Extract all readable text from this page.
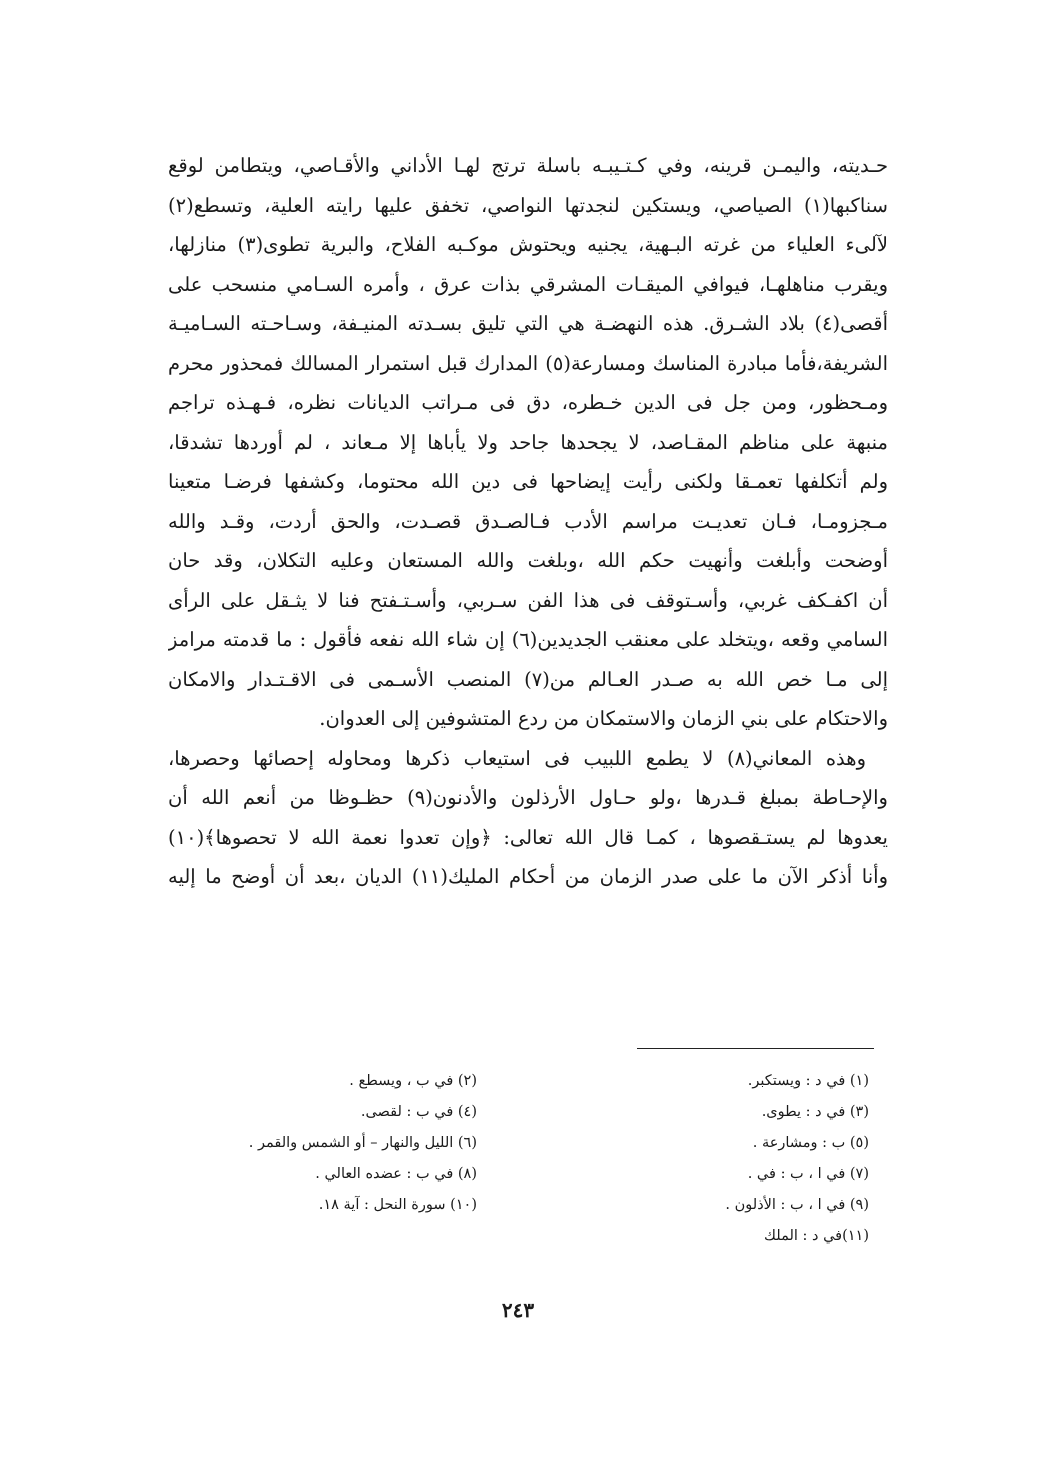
حـديته، واليمـن قرينه، وفي كـتـيبـه باسلة ترتج لهـا الأداني والأقـاصي، ويتطامن لوقع
سناكبها(١) الصياصي، ويستكين لنجدتها النواصي، تخفق عليها رايته العلية، وتسطع(٢)
لآلىء العلياء من غرته البـهية، يجنيه ويحتوش موكـبه الفلاح، والبرية تطوى(٣) منازلها،
ويقرب مناهلهـا، فيوافي الميقـات المشرقي بذات عرق ، وأمره السـامي منسحب على
أقصى(٤) بلاد الشـرق. هذه النهضـة هي التي تليق بسـدته المنيـفة، وسـاحـته السـاميـة
الشريفة،فأما مبادرة المناسك ومسارعة(٥) المدارك قبل استمرار المسالك فمحذور محرم
ومـحظور، ومن جل فى الدين خـطره، دق فى مـراتب الديانات نظره، فـهـذه تراجم
منبهة على مناظم المقـاصد، لا يجحدها جاحد ولا يأباها إلا مـعاند ، لم أوردها تشدقا،
ولم أتكلفها تعمـقا ولكنى رأيت إيضاحها فى دين الله محتوما، وكشفها فرضـا متعينا
مـجزومـا، فـان تعديـت مراسم الأدب فـالصـدق قصـدت، والحق أردت، وقـد والله
أوضحت وأبلغت وأنهيت حكم الله ،وبلغت والله المستعان وعليه التكلان، وقد حان
أن اكفـكف غربي، وأسـتوقف فى هذا الفن سـربي، وأسـتـفتح فنا لا يثـقل على الرأى
السامي وقعه ،ويتخلد على معنقب الجديدين(٦) إن شاء الله نفعه فأقول : ما قدمته مرامز
إلى مـا خص الله به صـدر العـالم من(٧) المنصب الأسـمى فى الاقـتـدار والامكان
والاحتكام على بني الزمان والاستمكان من ردع المتشوفين إلى العدوان.
وهذه المعاني(٨) لا يطمع اللبيب فى استيعاب ذكرها ومحاوله إحصائها وحصرها،
والإحـاطة بمبلغ قـدرها ،ولو حـاول الأرذلون والأدنون(٩) حظـوظا من أنعم الله أن
يعدوها لم يستـقصوها ، كمـا قال الله تعالى: ﴿وإن تعدوا نعمة الله لا تحصوها﴾(١٠)
وأنا أذكر الآن ما على صدر الزمان من أحكام المليك(١١) الديان ،بعد أن أوضح ما إليه
(١) في د : ويستكبر.
(٣) في د : يطوى.
(٥) ب : ومشارعة .
(٧) في ا ، ب : في .
(٩) في ا ، ب : الأذلون .
(١١)في د : الملك
(٢) في ب ، ويسطع .
(٤) في ب : لقصى.
(٦) الليل والنهار – أو الشمس والقمر .
(٨) في ب : عضده العالي .
(١٠) سورة النحل : آية ١٨.
٢٤٣
